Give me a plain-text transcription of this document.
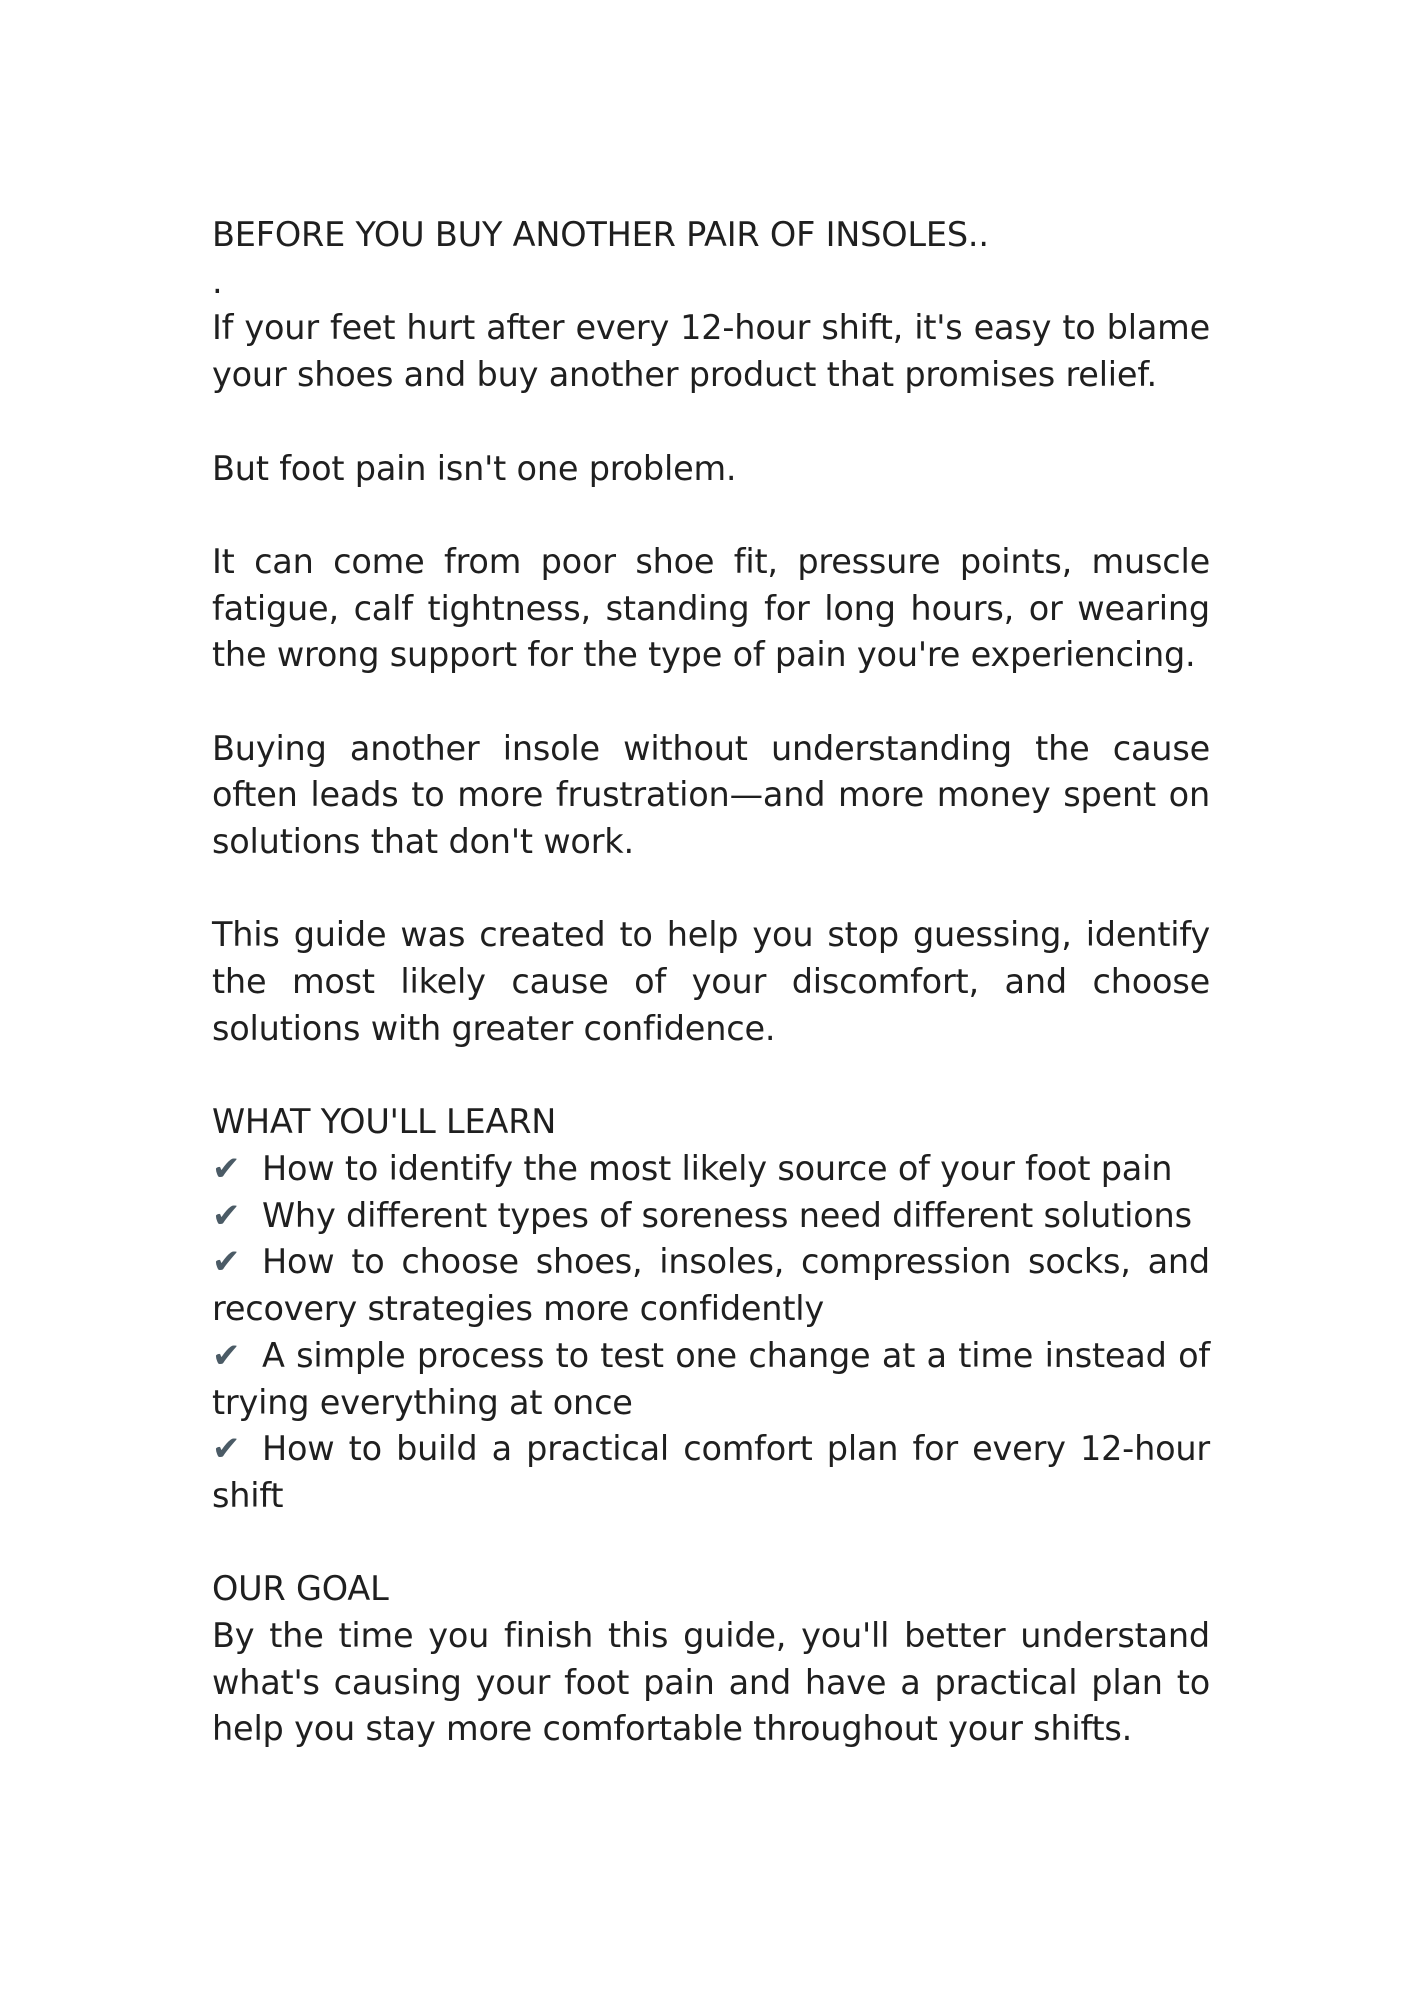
BEFORE YOU BUY ANOTHER PAIR OF INSOLES..

.

If your feet hurt after every 12-hour shift, it's easy to blame your shoes and buy another product that promises relief.

But foot pain isn't one problem.

It can come from poor shoe fit, pressure points, muscle fatigue, calf tightness, standing for long hours, or wearing the wrong support for the type of pain you're experiencing.

Buying another insole without understanding the cause often leads to more frustration—and more money spent on solutions that don't work.

This guide was created to help you stop guessing, identify the most likely cause of your discomfort, and choose solutions with greater confidence.

WHAT YOU'LL LEARN

✔ How to identify the most likely source of your foot pain

✔ Why different types of soreness need different solutions

✔ How to choose shoes, insoles, compression socks, and recovery strategies more confidently

✔ A simple process to test one change at a time instead of trying everything at once

✔ How to build a practical comfort plan for every 12-hour shift

OUR GOAL

By the time you finish this guide, you'll better understand what's causing your foot pain and have a practical plan to help you stay more comfortable throughout your shifts.
